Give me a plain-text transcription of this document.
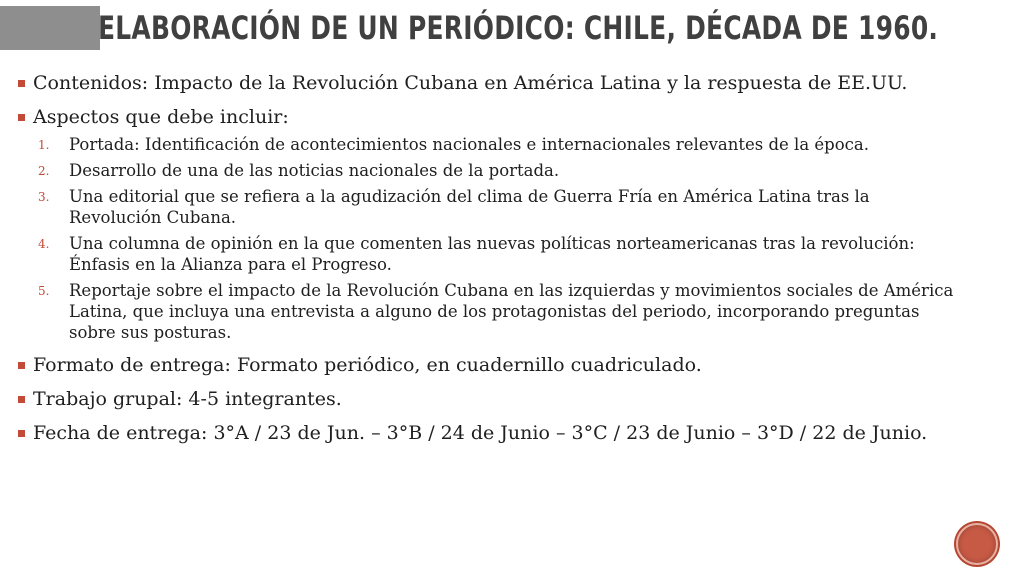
ELABORACIÓN DE UN PERIÓDICO: CHILE, DÉCADA DE 1960.
Contenidos: Impacto de la Revolución Cubana en América Latina y la respuesta de EE.UU.
Aspectos que debe incluir:
1. Portada: Identificación de acontecimientos nacionales e internacionales relevantes de la época.
2. Desarrollo de una de las noticias nacionales de la portada.
3. Una editorial que se refiera a la agudización del clima de Guerra Fría en América Latina tras la Revolución Cubana.
4. Una columna de opinión en la que comenten las nuevas políticas norteamericanas tras la revolución: Énfasis en la Alianza para el Progreso.
5. Reportaje sobre el impacto de la Revolución Cubana en las izquierdas y movimientos sociales de América Latina, que incluya una entrevista a alguno de los protagonistas del periodo, incorporando preguntas sobre sus posturas.
Formato de entrega: Formato periódico, en cuadernillo cuadriculado.
Trabajo grupal: 4-5 integrantes.
Fecha de entrega: 3°A / 23 de Jun. – 3°B / 24 de Junio – 3°C / 23 de Junio – 3°D / 22 de Junio.
